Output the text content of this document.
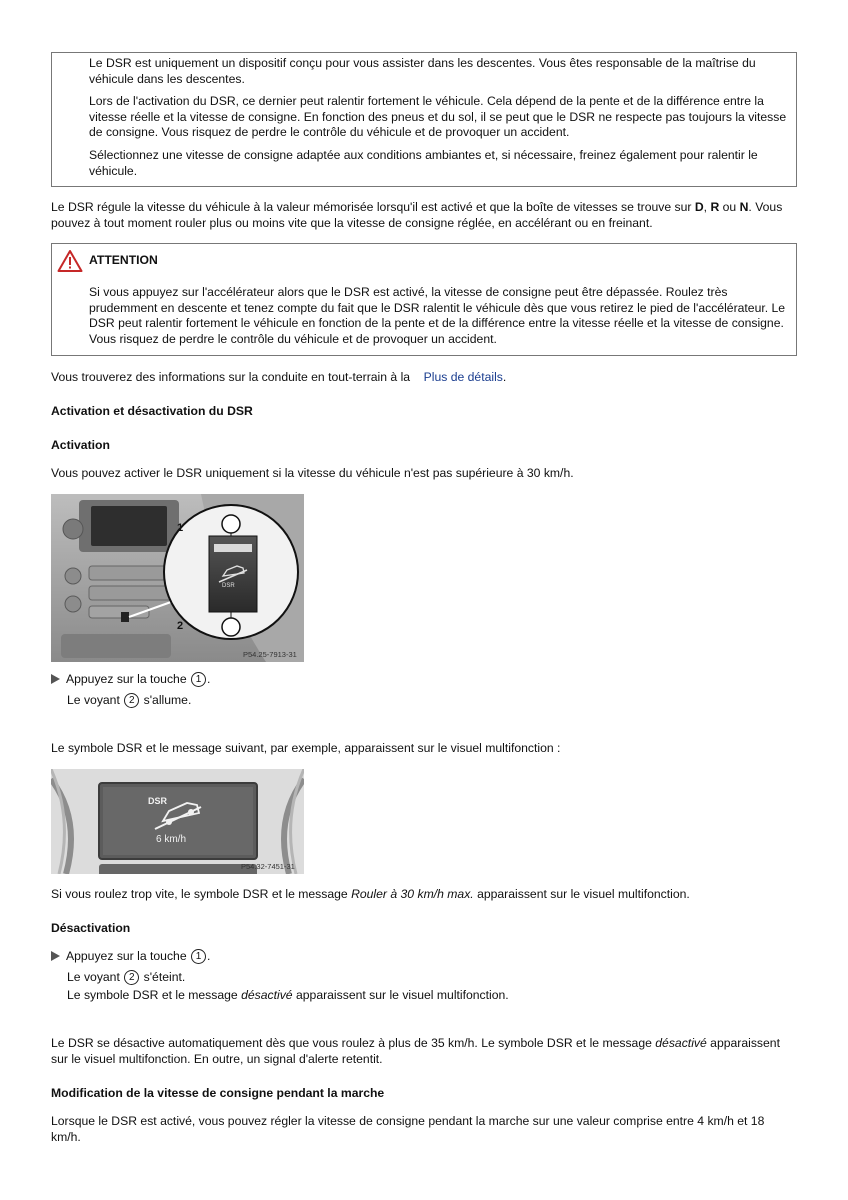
Le DSR est uniquement un dispositif conçu pour vous assister dans les descentes. Vous êtes responsable de la maîtrise du véhicule dans les descentes.

Lors de l'activation du DSR, ce dernier peut ralentir fortement le véhicule. Cela dépend de la pente et de la différence entre la vitesse réelle et la vitesse de consigne. En fonction des pneus et du sol, il se peut que le DSR ne respecte pas toujours la vitesse de consigne. Vous risquez de perdre le contrôle du véhicule et de provoquer un accident.

Sélectionnez une vitesse de consigne adaptée aux conditions ambiantes et, si nécessaire, freinez également pour ralentir le véhicule.

Le DSR régule la vitesse du véhicule à la valeur mémorisée lorsqu'il est activé et que la boîte de vitesses se trouve sur D, R ou N. Vous pouvez à tout moment rouler plus ou moins vite que la vitesse de consigne réglée, en accélérant ou en freinant.

ATTENTION

Si vous appuyez sur l'accélérateur alors que le DSR est activé, la vitesse de consigne peut être dépassée. Roulez très prudemment en descente et tenez compte du fait que le DSR ralentit le véhicule dès que vous retirez le pied de l'accélérateur. Le DSR peut ralentir fortement le véhicule en fonction de la pente et de la différence entre la vitesse réelle et la vitesse de consigne. Vous risquez de perdre le contrôle du véhicule et de provoquer un accident.

Vous trouverez des informations sur la conduite en tout-terrain à la Plus de détails.

Activation et désactivation du DSR

Activation

Vous pouvez activer le DSR uniquement si la vitesse du véhicule n'est pas supérieure à 30 km/h.

1
2
DSR
P54.25-7913-31

Appuyez sur la touche 1 .

Le voyant 2 s'allume.

Le symbole DSR et le message suivant, par exemple, apparaissent sur le visuel multifonction :

DSR
6 km/h
P54.32-7451-31

Si vous roulez trop vite, le symbole DSR et le message Rouler à 30 km/h max. apparaissent sur le visuel multifonction.

Désactivation

Appuyez sur la touche 1 .

Le voyant 2 s'éteint.

Le symbole DSR et le message désactivé apparaissent sur le visuel multifonction.

Le DSR se désactive automatiquement dès que vous roulez à plus de 35 km/h. Le symbole DSR et le message désactivé apparaissent sur le visuel multifonction. En outre, un signal d'alerte retentit.

Modification de la vitesse de consigne pendant la marche

Lorsque le DSR est activé, vous pouvez régler la vitesse de consigne pendant la marche sur une valeur comprise entre 4 km/h et 18 km/h.
